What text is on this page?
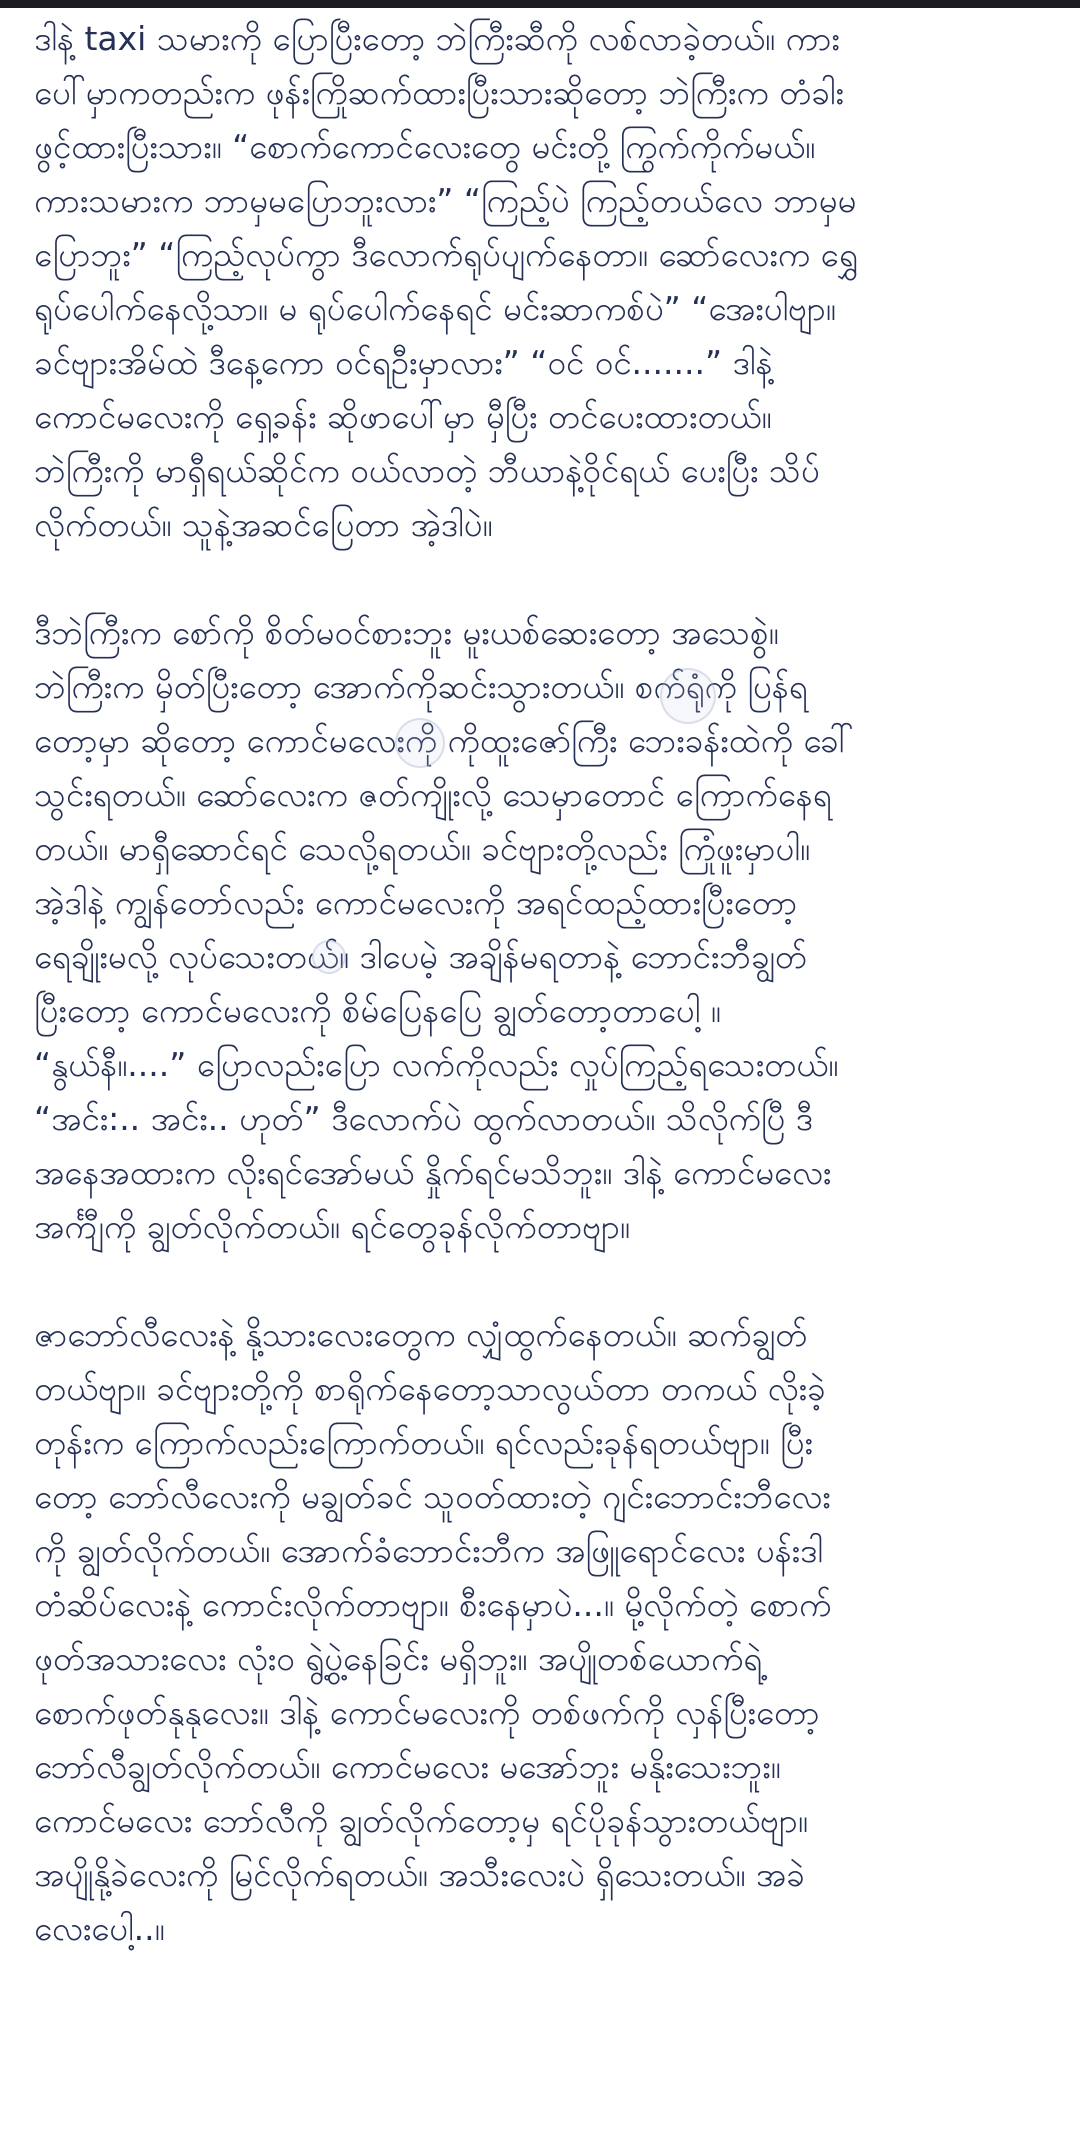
ဒါနဲ့ taxi သမားကို ပြောပြီးတော့ ဘဲကြီးဆီကို လစ်လာခဲ့တယ်။ ကား
ပေါ်မှာကတည်းက ဖုန်းကြိုဆက်ထားပြီးသားဆိုတော့ ဘဲကြီးက တံခါး
ဖွင့်ထားပြီးသား။ “စောက်ကောင်လေးတွေ မင်းတို့ ကြွက်ကိုက်မယ်။
ကားသမားက ဘာမှမပြောဘူးလား” “ကြည့်ပဲ ကြည့်တယ်လေ ဘာမှမ
ပြောဘူး” “ကြည့်လုပ်ကွာ ဒီလောက်ရုပ်ပျက်နေတာ။ ဆော်လေးက ရွှေ
ရုပ်ပေါက်နေလို့သာ။ မ ရုပ်ပေါက်နေရင် မင်းဆာကစ်ပဲ” “အေးပါဗျာ။
ခင်ဗျားအိမ်ထဲ ဒီနေ့ကော ဝင်ရဦးမှာလား” “ဝင် ဝင်.......” ဒါနဲ့
ကောင်မလေးကို ရှေ့ခန်း ဆိုဖာပေါ်မှာ မှီပြီး တင်ပေးထားတယ်။
ဘဲကြီးကို မာရှီရယ်ဆိုင်က ဝယ်လာတဲ့ ဘီယာနဲ့ဝိုင်ရယ် ပေးပြီး သိပ်
လိုက်တယ်။ သူနဲ့အဆင်ပြေတာ အဲ့ဒါပဲ။

ဒီဘဲကြီးက စော်ကို စိတ်မဝင်စားဘူး မူးယစ်ဆေးတော့ အသေစွဲ။
ဘဲကြီးက မှိတ်ပြီးတော့ အောက်ကိုဆင်းသွားတယ်။ စက်ရုံကို ပြန်ရ
တော့မှာ ဆိုတော့ ကောင်မလေးကို ကိုထူးဇော်ကြီး ဘေးခန်းထဲကို ခေါ်
သွင်းရတယ်။ ဆော်လေးက ဇတ်ကျိုးလို့ သေမှာတောင် ကြောက်နေရ
တယ်။ မာရှီဆောင်ရင် သေလို့ရတယ်။ ခင်ဗျားတို့လည်း ကြုံဖူးမှာပါ။
အဲ့ဒါနဲ့ ကျွန်တော်လည်း ကောင်မလေးကို အရင်ထည့်ထားပြီးတော့
ရေချိုးမလို့ လုပ်သေးတယ်။ ဒါပေမဲ့ အချိန်မရတာနဲ့ ဘောင်းဘီချွတ်
ပြီးတော့ ကောင်မလေးကို စိမ်ပြေနပြေ ချွတ်တော့တာပေါ့ ။
“နွယ်နီ။....” ပြောလည်းပြော လက်ကိုလည်း လှုပ်ကြည့်ရသေးတယ်။
“အင်း:.. အင်း.. ဟုတ်” ဒီလောက်ပဲ ထွက်လာတယ်။ သိလိုက်ပြီ ဒီ
အနေအထားက လိုးရင်အော်မယ် နှိုက်ရင်မသိဘူး။ ဒါနဲ့ ကောင်မလေး
အင်္ကျီကို ချွတ်လိုက်တယ်။ ရင်တွေခုန်လိုက်တာဗျာ။

ဇာဘော်လီလေးနဲ့ နို့သားလေးတွေက လျှံထွက်နေတယ်။ ဆက်ချွတ်
တယ်ဗျာ။ ခင်ဗျားတို့ကို စာရိုက်နေတော့သာလွယ်တာ တကယ် လိုးခဲ့
တုန်းက ကြောက်လည်းကြောက်တယ်။ ရင်လည်းခုန်ရတယ်ဗျာ။ ပြီး
တော့ ဘော်လီလေးကို မချွတ်ခင် သူဝတ်ထားတဲ့ ဂျင်းဘောင်းဘီလေး
ကို ချွတ်လိုက်တယ်။ အောက်ခံဘောင်းဘီက အဖြူရောင်လေး ပန်းဒါ
တံဆိပ်လေးနဲ့ ကောင်းလိုက်တာဗျာ။ စီးနေမှာပဲ...။ မို့လိုက်တဲ့ စောက်
ဖုတ်အသားလေး လုံး၀ ရွဲ့ပွဲ့နေခြင်း မရှိဘူး။ အပျိုတစ်ယောက်ရဲ့
စောက်ဖုတ်နုနုလေး။ ဒါနဲ့ ကောင်မလေးကို တစ်ဖက်ကို လှန်ပြီးတော့
ဘော်လီချွတ်လိုက်တယ်။ ကောင်မလေး မအော်ဘူး မနိုးသေးဘူး။
ကောင်မလေး ဘော်လီကို ချွတ်လိုက်တော့မှ ရင်ပိုခုန်သွားတယ်ဗျာ။
အပျိုနို့ခဲလေးကို မြင်လိုက်ရတယ်။ အသီးလေးပဲ ရှိသေးတယ်။ အခဲ
လေးပေါ့..။
